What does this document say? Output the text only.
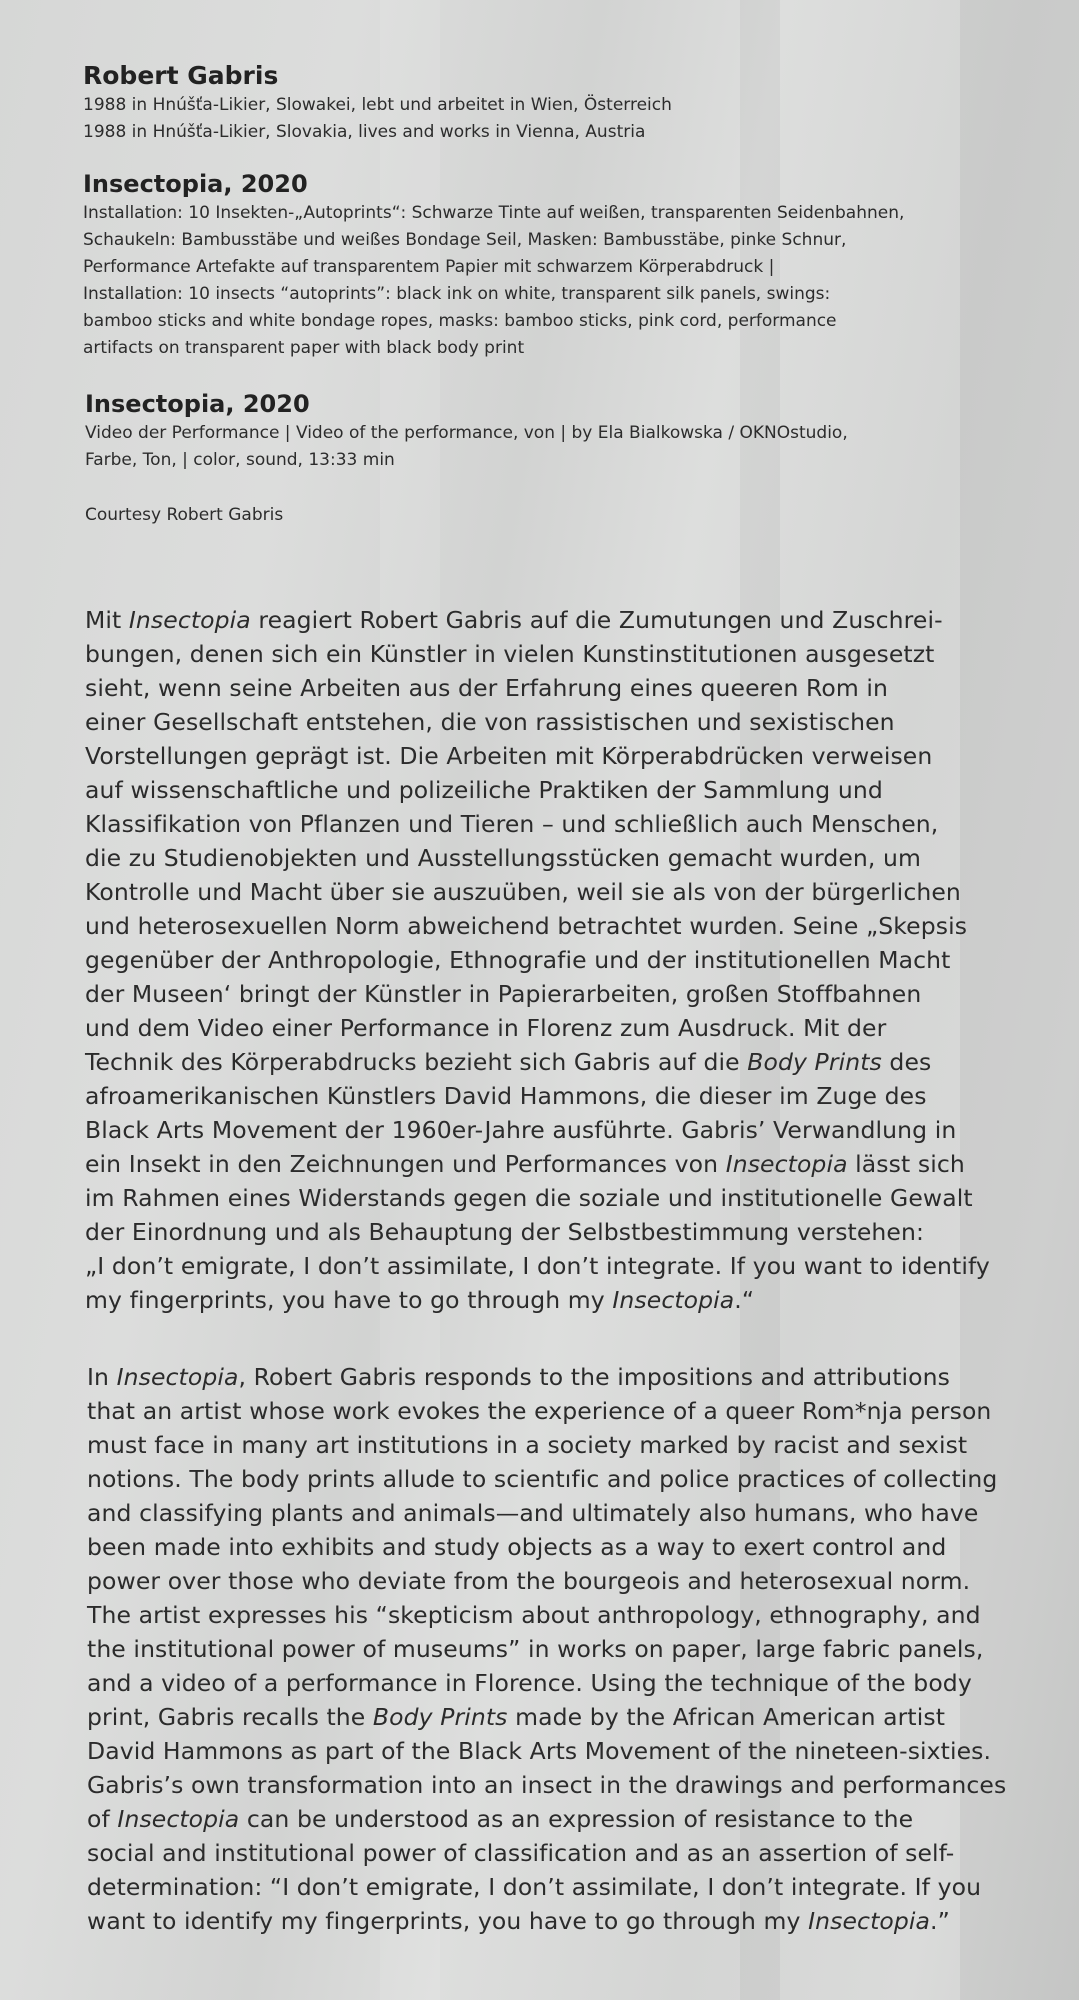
Robert Gabris

1988 in Hnúšťa-Likier, Slowakei, lebt und arbeitet in Wien, Österreich

1988 in Hnúšťa-Likier, Slovakia, lives and works in Vienna, Austria

Insectopia, 2020

Installation: 10 Insekten-„Autoprints“: Schwarze Tinte auf weißen, transparenten Seidenbahnen,

Schaukeln: Bambusstäbe und weißes Bondage Seil, Masken: Bambusstäbe, pinke Schnur,

Performance Artefakte auf transparentem Papier mit schwarzem Körperabdruck |

Installation: 10 insects “autoprints”: black ink on white, transparent silk panels, swings:

bamboo sticks and white bondage ropes, masks: bamboo sticks, pink cord, performance

artifacts on transparent paper with black body print

Insectopia, 2020

Video der Performance | Video of the performance, von | by Ela Bialkowska / OKNOstudio,

Farbe, Ton, | color, sound, 13:33 min

Courtesy Robert Gabris

Mit Insectopia reagiert Robert Gabris auf die Zumutungen und Zuschrei-
bungen, denen sich ein Künstler in vielen Kunstinstitutionen ausgesetzt
sieht, wenn seine Arbeiten aus der Erfahrung eines queeren Rom in
einer Gesellschaft entstehen, die von rassistischen und sexistischen
Vorstellungen geprägt ist. Die Arbeiten mit Körperabdrücken verweisen
auf wissenschaftliche und polizeiliche Praktiken der Sammlung und
Klassifikation von Pflanzen und Tieren – und schließlich auch Menschen,
die zu Studienobjekten und Ausstellungsstücken gemacht wurden, um
Kontrolle und Macht über sie auszuüben, weil sie als von der bürgerlichen
und heterosexuellen Norm abweichend betrachtet wurden. Seine „Skepsis
gegenüber der Anthropologie, Ethnografie und der institutionellen Macht
der Museen‘ bringt der Künstler in Papierarbeiten, großen Stoffbahnen
und dem Video einer Performance in Florenz zum Ausdruck. Mit der
Technik des Körperabdrucks bezieht sich Gabris auf die Body Prints des
afroamerikanischen Künstlers David Hammons, die dieser im Zuge des
Black Arts Movement der 1960er-Jahre ausführte. Gabris’ Verwandlung in
ein Insekt in den Zeichnungen und Performances von Insectopia lässt sich
im Rahmen eines Widerstands gegen die soziale und institutionelle Gewalt
der Einordnung und als Behauptung der Selbstbestimmung verstehen:
„I don’t emigrate, I don’t assimilate, I don’t integrate. If you want to identify
my fingerprints, you have to go through my Insectopia.“
In Insectopia, Robert Gabris responds to the impositions and attributions
that an artist whose work evokes the experience of a queer Rom*nja person
must face in many art institutions in a society marked by racist and sexist
notions. The body prints allude to scientıfic and police practices of collecting
and classifying plants and animals—and ultimately also humans, who have
been made into exhibits and study objects as a way to exert control and
power over those who deviate from the bourgeois and heterosexual norm.
The artist expresses his “skepticism about anthropology, ethnography, and
the institutional power of museums” in works on paper, large fabric panels,
and a video of a performance in Florence. Using the technique of the body
print, Gabris recalls the Body Prints made by the African American artist
David Hammons as part of the Black Arts Movement of the nineteen-sixties.
Gabris’s own transformation into an insect in the drawings and performances
of Insectopia can be understood as an expression of resistance to the
social and institutional power of classification and as an assertion of self-
determination: “I don’t emigrate, I don’t assimilate, I don’t integrate. If you
want to identify my fingerprints, you have to go through my Insectopia.”
